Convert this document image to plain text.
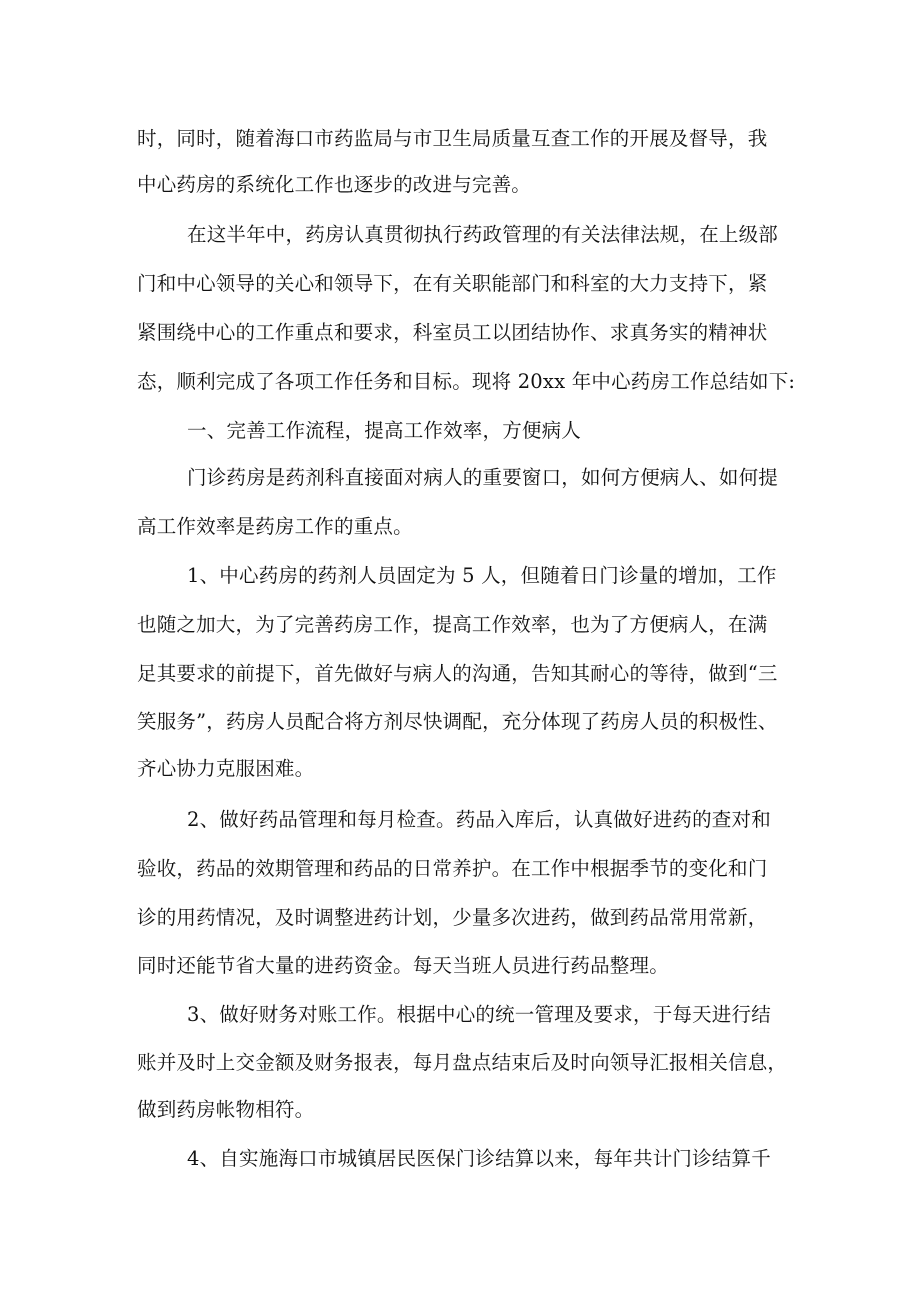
时，同时，随着海口市药监局与市卫生局质量互查工作的开展及督导，我
中心药房的系统化工作也逐步的改进与完善。
在这半年中，药房认真贯彻执行药政管理的有关法律法规，在上级部
门和中心领导的关心和领导下，在有关职能部门和科室的大力支持下，紧
紧围绕中心的工作重点和要求，科室员工以团结协作、求真务实的精神状
态，顺利完成了各项工作任务和目标。现将 20xx 年中心药房工作总结如下:
一、完善工作流程，提高工作效率，方便病人
门诊药房是药剂科直接面对病人的重要窗口，如何方便病人、如何提
高工作效率是药房工作的重点。
1、中心药房的药剂人员固定为 5 人，但随着日门诊量的增加，工作
也随之加大，为了完善药房工作，提高工作效率，也为了方便病人，在满
足其要求的前提下，首先做好与病人的沟通，告知其耐心的等待，做到“三
笑服务”，药房人员配合将方剂尽快调配，充分体现了药房人员的积极性、
齐心协力克服困难。
2、做好药品管理和每月检查。药品入库后，认真做好进药的查对和
验收，药品的效期管理和药品的日常养护。在工作中根据季节的变化和门
诊的用药情况，及时调整进药计划，少量多次进药，做到药品常用常新，
同时还能节省大量的进药资金。每天当班人员进行药品整理。
3、做好财务对账工作。根据中心的统一管理及要求，于每天进行结
账并及时上交金额及财务报表，每月盘点结束后及时向领导汇报相关信息，
做到药房帐物相符。
4、自实施海口市城镇居民医保门诊结算以来，每年共计门诊结算千
